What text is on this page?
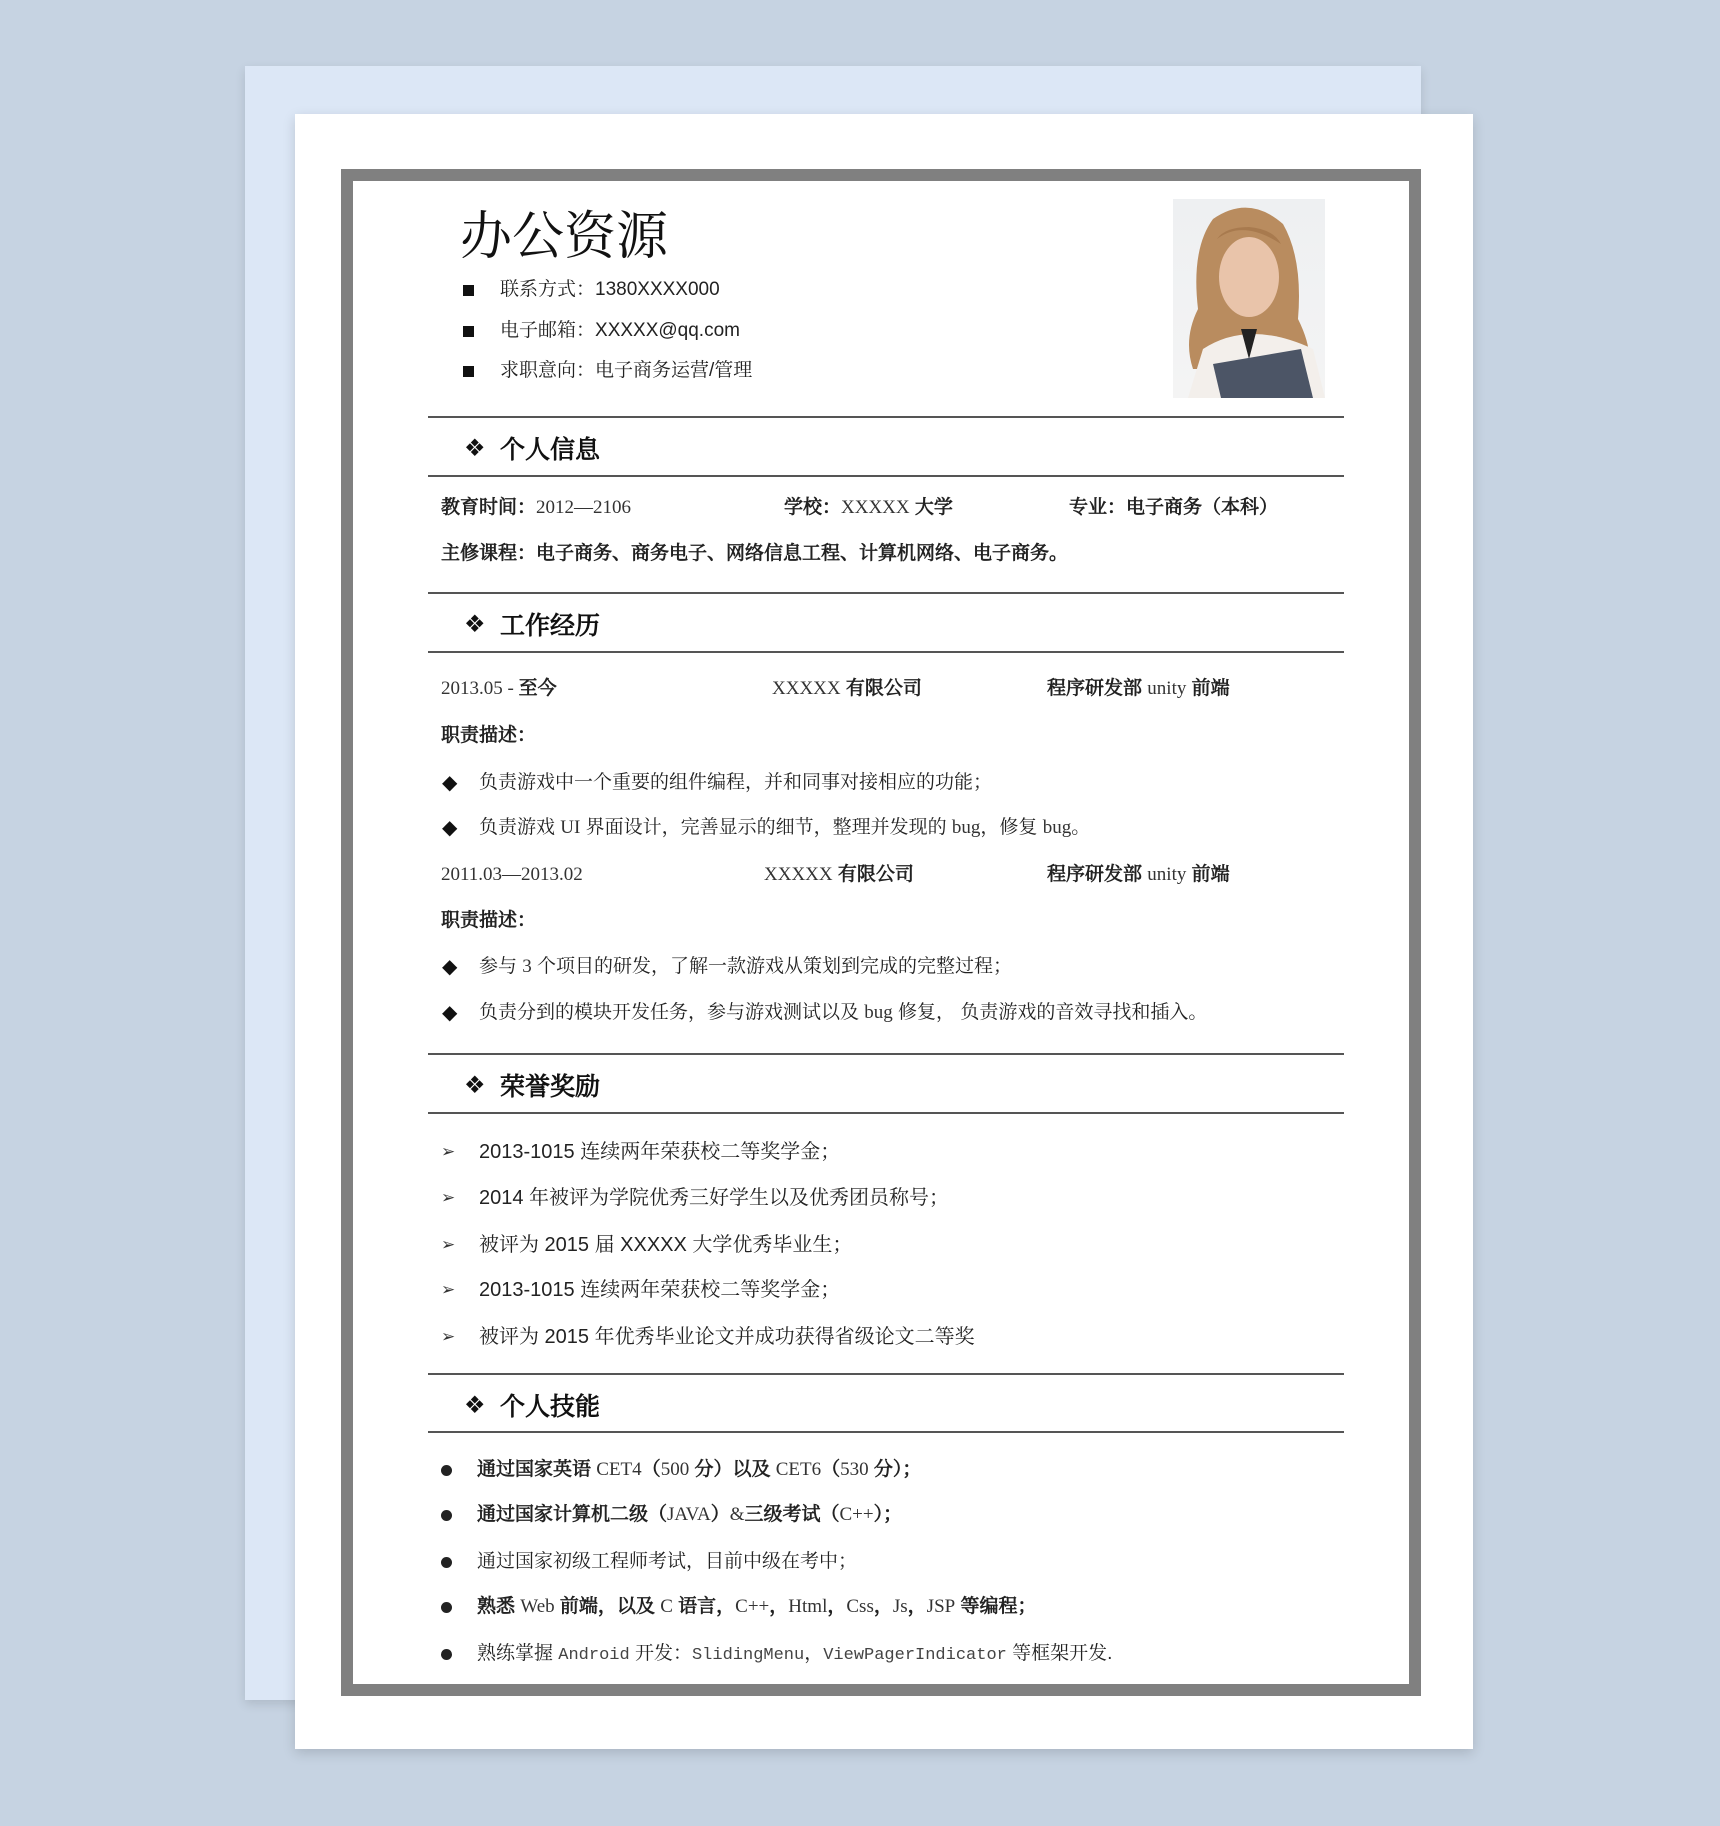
办公资源
联系方式：1380XXXX000
电子邮箱：XXXXX@qq.com
求职意向：电子商务运营/管理
❖ 个人信息
教育时间：2012—2106	学校：XXXXX 大学	专业：电子商务（本科）
主修课程：电子商务、商务电子、网络信息工程、计算机网络、电子商务。
❖ 工作经历
2013.05 - 至今	XXXXX 有限公司	程序研发部 unity 前端
职责描述：
◆ 负责游戏中一个重要的组件编程，并和同事对接相应的功能；
◆ 负责游戏 UI 界面设计，完善显示的细节，整理并发现的 bug，修复 bug。
2011.03—2013.02	XXXXX 有限公司	程序研发部 unity 前端
职责描述：
◆ 参与 3 个项目的研发，了解一款游戏从策划到完成的完整过程；
◆ 负责分到的模块开发任务，参与游戏测试以及 bug 修复， 负责游戏的音效寻找和插入。
❖ 荣誉奖励
➢ 2013-1015 连续两年荣获校二等奖学金；
➢ 2014 年被评为学院优秀三好学生以及优秀团员称号；
➢ 被评为 2015 届 XXXXX 大学优秀毕业生；
➢ 2013-1015 连续两年荣获校二等奖学金；
➢ 被评为 2015 年优秀毕业论文并成功获得省级论文二等奖
❖ 个人技能
通过国家英语 CET4（500 分）以及 CET6（530 分）；
通过国家计算机二级（JAVA）&三级考试（C++）；
通过国家初级工程师考试，目前中级在考中；
熟悉 Web 前端，以及 C 语言，C++，Html，Css，Js，JSP 等编程；
熟练掌握 Android 开发：SlidingMenu，ViewPagerIndicator 等框架开发.
